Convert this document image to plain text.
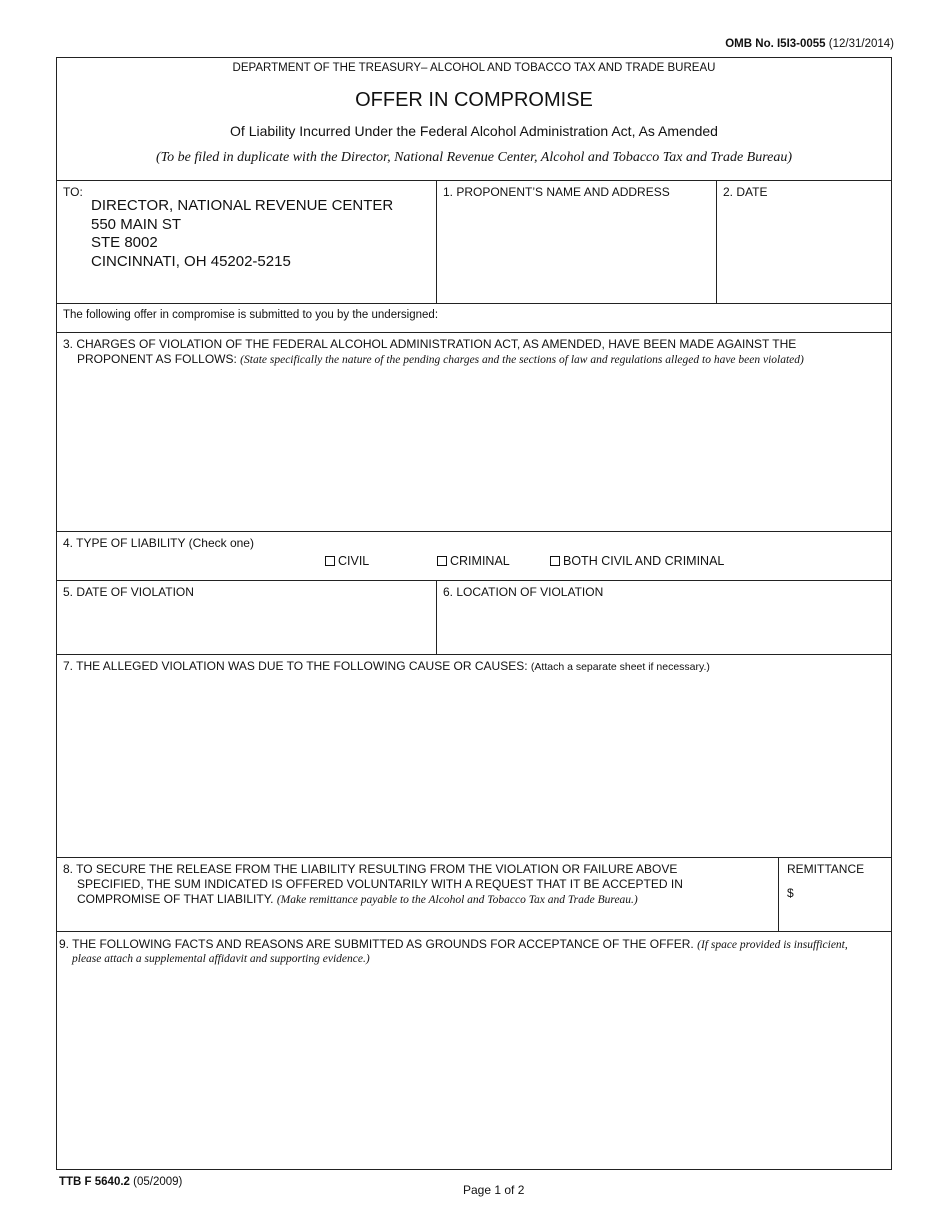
OMB No. I5I3-0055 (12/31/2014)
DEPARTMENT OF THE TREASURY– ALCOHOL AND TOBACCO TAX AND TRADE BUREAU
OFFER IN COMPROMISE
Of Liability Incurred Under the Federal Alcohol Administration Act, As Amended
(To be filed in duplicate with the Director, National Revenue Center, Alcohol and Tobacco Tax and Trade Bureau)
TO:
DIRECTOR, NATIONAL REVENUE CENTER
550 MAIN ST
STE 8002
CINCINNATI, OH 45202-5215
1. PROPONENT’S NAME AND ADDRESS	2. DATE
The following offer in compromise is submitted to you by the undersigned:
3. CHARGES OF VIOLATION OF THE FEDERAL ALCOHOL ADMINISTRATION ACT, AS AMENDED, HAVE BEEN MADE AGAINST THE
PROPONENT AS FOLLOWS: (State specifically the nature of the pending charges and the sections of law and regulations alleged to have been violated)
4. TYPE OF LIABILITY (Check one)
CIVIL	CRIMINAL	BOTH CIVIL AND CRIMINAL
5. DATE OF VIOLATION	6. LOCATION OF VIOLATION
7. THE ALLEGED VIOLATION WAS DUE TO THE FOLLOWING CAUSE OR CAUSES: (Attach a separate sheet if necessary.)
8. TO SECURE THE RELEASE FROM THE LIABILITY RESULTING FROM THE VIOLATION OR FAILURE ABOVE
SPECIFIED, THE SUM INDICATED IS OFFERED VOLUNTARILY WITH A REQUEST THAT IT BE ACCEPTED IN
COMPROMISE OF THAT LIABILITY. (Make remittance payable to the Alcohol and Tobacco Tax and Trade Bureau.)
REMITTANCE
$
9. THE FOLLOWING FACTS AND REASONS ARE SUBMITTED AS GROUNDS FOR ACCEPTANCE OF THE OFFER. (If space provided is insufficient,
please attach a supplemental affidavit and supporting evidence.)
TTB F 5640.2 (05/2009)
Page 1 of 2
